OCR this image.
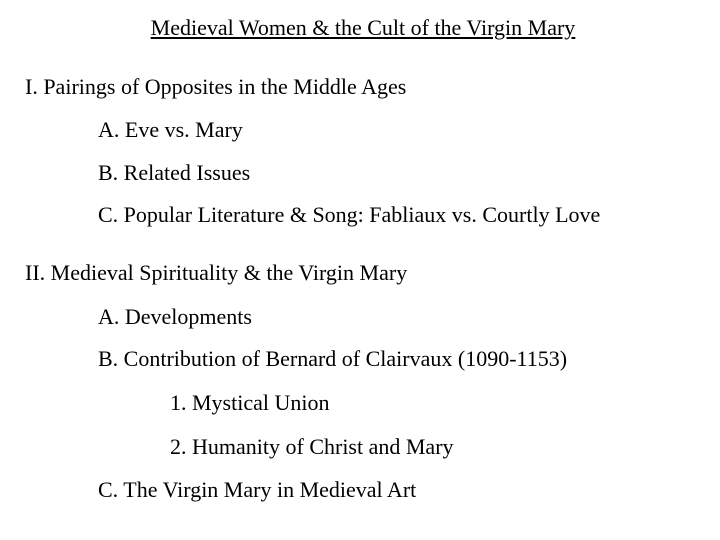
Medieval Women & the Cult of the Virgin Mary
I. Pairings of Opposites in the Middle Ages
A. Eve vs. Mary
B. Related Issues
C. Popular Literature & Song: Fabliaux vs. Courtly Love
II. Medieval Spirituality & the Virgin Mary
A. Developments
B. Contribution of Bernard of Clairvaux (1090-1153)
1. Mystical Union
2. Humanity of Christ and Mary
C. The Virgin Mary in Medieval Art
